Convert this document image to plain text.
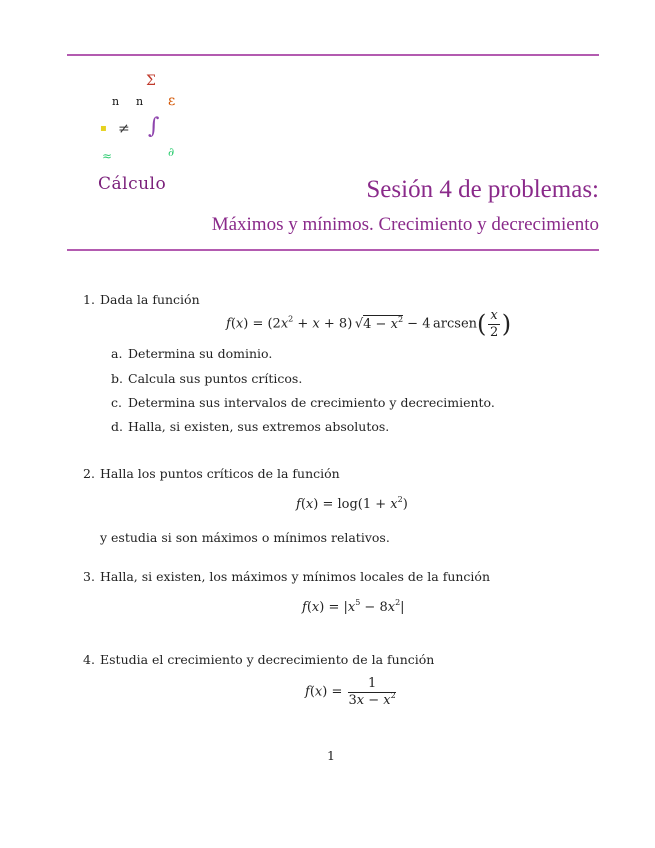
Σ
n n ε
≠ ∫
≈	∂
▪
Cálculo	Sesión 4 de problemas:
Máximos y mínimos. Crecimiento y decrecimiento
1. Dada la función
$f(x) = (2x^2 + x + 8) √4 - x^2 - 4$ arcsen( $\frac{x}{2}$ )
a. Determina su dominio.
b. Calcula sus puntos críticos.
c. Determina sus intervalos de crecimiento y decrecimiento.
d. Halla, si existen, sus extremos absolutos.
2. Halla los puntos críticos de la función
$f(x) = \log(1 + x^2)$
y estudia si son máximos o mínimos relativos.
3. Halla, si existen, los máximos y mínimos locales de la función
$f(x) = |x^5 - 8x^2|$
4. Estudia el crecimiento y decrecimiento de la función
$f(x) = \frac{1}{3x - x^2}$
1
